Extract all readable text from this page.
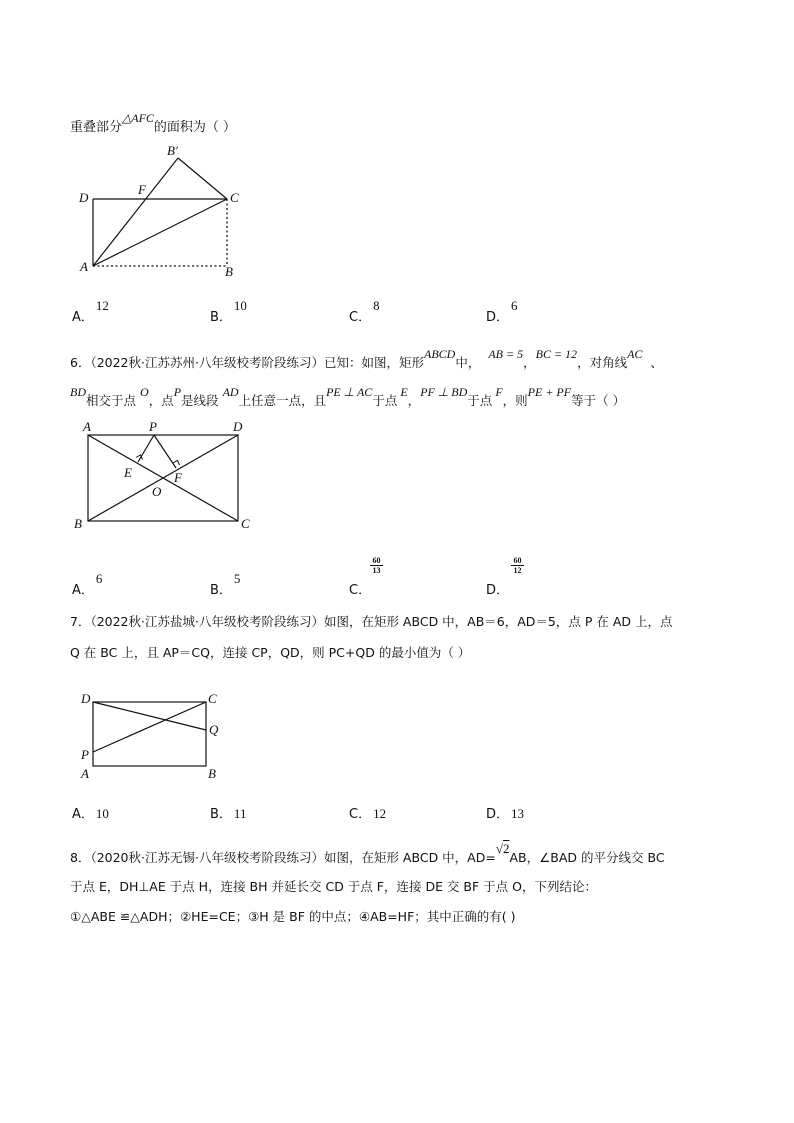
重叠部分△AFC的面积为（ ）
B′
D
F
C
A	B
A．12
B．10
C．8
D．6
6．（2022秋·江苏苏州·八年级校考阶段练习）已知：如图，矩形ABCD中，AB = 5，BC = 12，对角线AC、
BD相交于点O，点P是线段AD上任意一点，且PE ⊥ AC于点E，PF ⊥ BD于点F，则PE + PF等于（ ）
A	P	D
E
O
F
B	C
A．6
B．5
C．
$\frac{60}{13}$
D．
$\frac{60}{12}$
7．（2022秋·江苏盐城·八年级校考阶段练习）如图，在矩形 ABCD 中，AB＝6，AD＝5，点 P 在 AD 上，点
Q 在 BC 上，且 AP＝CQ，连接 CP，QD，则 PC+QD 的最小值为（ ）
D	C
Q
P
A	B
A． 10	B． 11	C． 12	D． 13
8．（2020秋·江苏无锡·八年级校考阶段练习）如图，在矩形 ABCD 中，AD=√2AB，∠BAD 的平分线交 BC
于点 E，DH⊥AE 于点 H，连接 BH 并延长交 CD 于点 F，连接 DE 交 BF 于点 O，下列结论：
①△ABE ≌△ADH；②HE=CE；③H 是 BF 的中点；④AB=HF；其中正确的有( )
